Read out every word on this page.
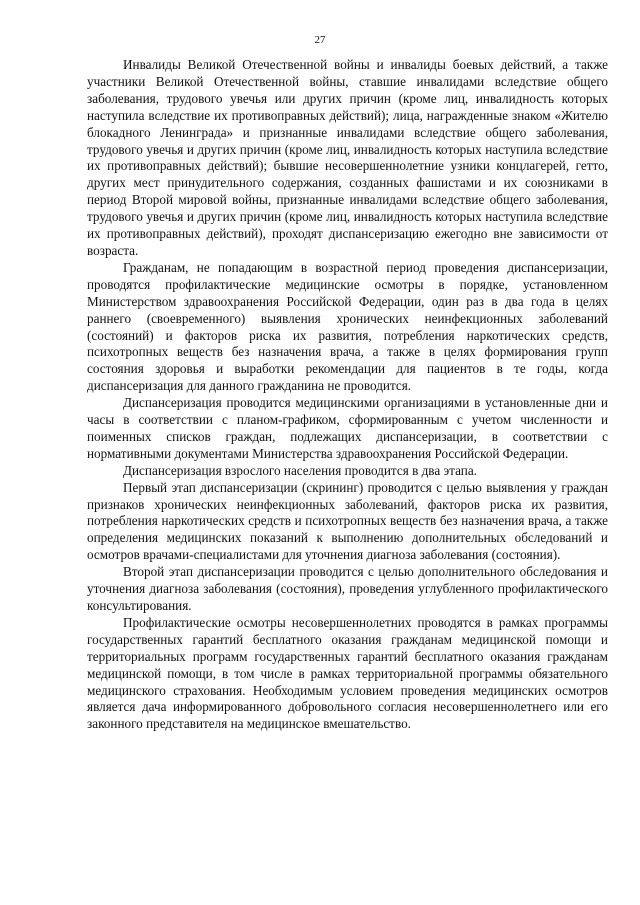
27

Инвалиды Великой Отечественной войны и инвалиды боевых действий, а также участники Великой Отечественной войны, ставшие инвалидами вследствие общего заболевания, трудового увечья или других причин (кроме лиц, инвалидность которых наступила вследствие их противоправных действий); лица, награжденные знаком «Жителю блокадного Ленинграда» и признанные инвалидами вследствие общего заболевания, трудового увечья и других причин (кроме лиц, инвалидность которых наступила вследствие их противоправных действий); бывшие несовершеннолетние узники концлагерей, гетто, других мест принудительного содержания, созданных фашистами и их союзниками в период Второй мировой войны, признанные инвалидами вследствие общего заболевания, трудового увечья и других причин (кроме лиц, инвалидность которых наступила вследствие их противоправных действий), проходят диспансеризацию ежегодно вне зависимости от возраста.

Гражданам, не попадающим в возрастной период проведения диспансеризации, проводятся профилактические медицинские осмотры в порядке, установленном Министерством здравоохранения Российской Федерации, один раз в два года в целях раннего (своевременного) выявления хронических неинфекционных заболеваний (состояний) и факторов риска их развития, потребления наркотических средств, психотропных веществ без назначения врача, а также в целях формирования групп состояния здоровья и выработки рекомендации для пациентов в те годы, когда диспансеризация для данного гражданина не проводится.

Диспансеризация проводится медицинскими организациями в установленные дни и часы в соответствии с планом-графиком, сформированным с учетом численности и поименных списков граждан, подлежащих диспансеризации, в соответствии с нормативными документами Министерства здравоохранения Российской Федерации.

Диспансеризация взрослого населения проводится в два этапа.

Первый этап диспансеризации (скрининг) проводится с целью выявления у граждан признаков хронических неинфекционных заболеваний, факторов риска их развития, потребления наркотических средств и психотропных веществ без назначения врача, а также определения медицинских показаний к выполнению дополнительных обследований и осмотров врачами-специалистами для уточнения диагноза заболевания (состояния).

Второй этап диспансеризации проводится с целью дополнительного обследования и уточнения диагноза заболевания (состояния), проведения углубленного профилактического консультирования.

Профилактические осмотры несовершеннолетних проводятся в рамках программы государственных гарантий бесплатного оказания гражданам медицинской помощи и территориальных программ государственных гарантий бесплатного оказания гражданам медицинской помощи, в том числе в рамках территориальной программы обязательного медицинского страхования. Необходимым условием проведения медицинских осмотров является дача информированного добровольного согласия несовершеннолетнего или его законного представителя на медицинское вмешательство.
